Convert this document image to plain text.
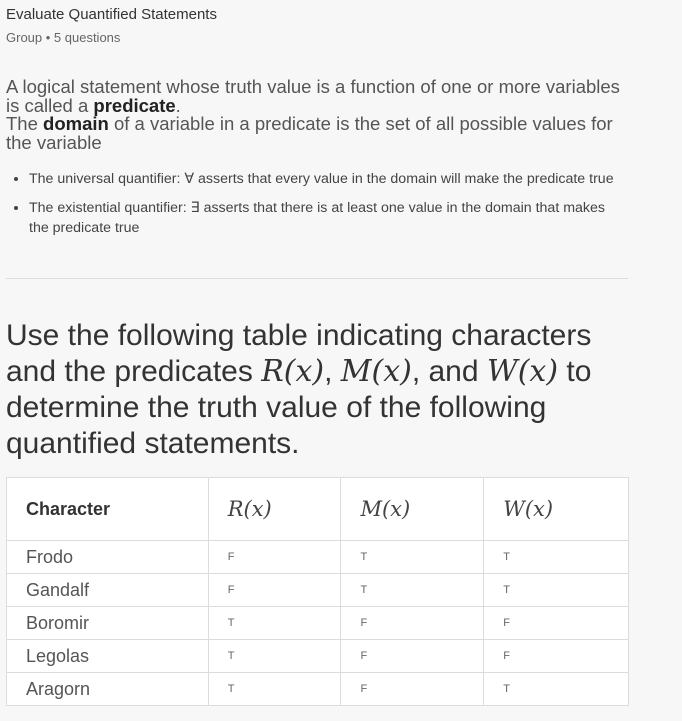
Evaluate Quantified Statements
Group • 5 questions
A logical statement whose truth value is a function of one or more variables is called a predicate.
The domain of a variable in a predicate is the set of all possible values for the variable
• The universal quantifier: ∀ asserts that every value in the domain will make the predicate true
• The existential quantifier: ∃ asserts that there is at least one value in the domain that makes the predicate true
Use the following table indicating characters and the predicates R(x), M(x), and W(x) to determine the truth value of the following quantified statements.
Character	R(x)	M(x)	W(x)
Frodo	F	T	T
Gandalf	F	T	T
Boromir	T	F	F
Legolas	T	F	F
Aragorn	T	F	T
